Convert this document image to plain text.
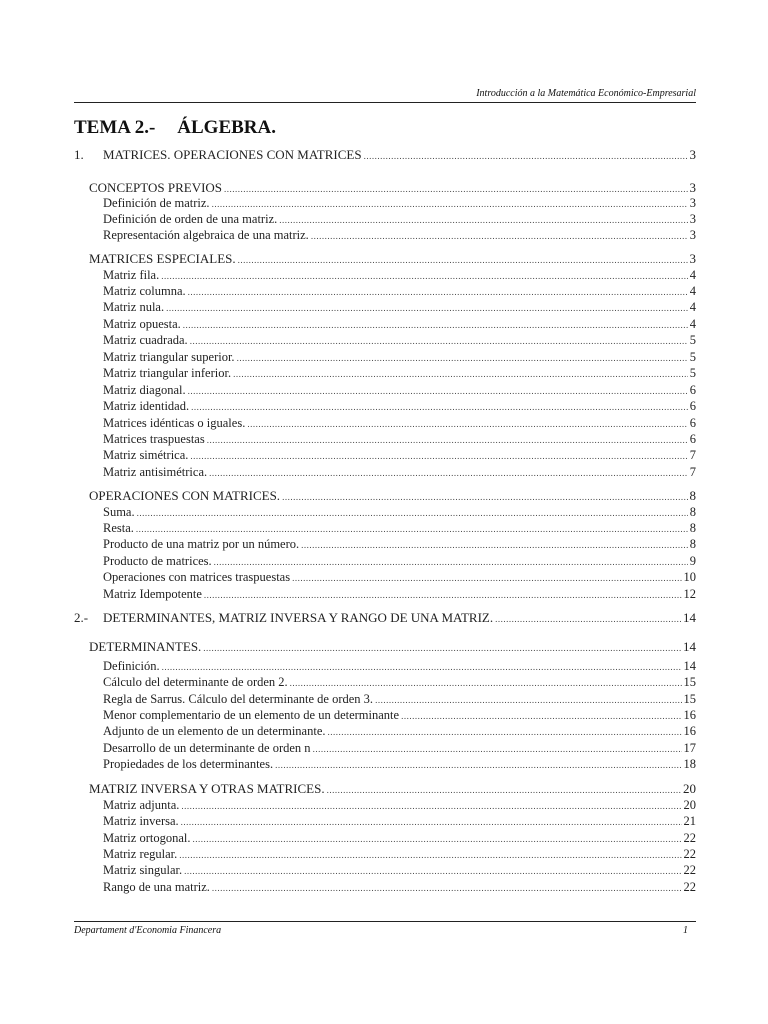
Introducción a la Matemática Económico-Empresarial
TEMA 2.- ÁLGEBRA.
1. MATRICES. OPERACIONES CON MATRICES .....	3
CONCEPTOS PREVIOS .....	3
Definición de matriz. .....	3
Definición de orden de una matriz. .....	3
Representación algebraica de una matriz. .....	3
MATRICES ESPECIALES. .....	3
Matriz fila. .....	4
Matriz columna. .....	4
Matriz nula. .....	4
Matriz opuesta. .....	4
Matriz cuadrada. .....	5
Matriz triangular superior. .....	5
Matriz triangular inferior. .....	5
Matriz diagonal. .....	6
Matriz identidad. .....	6
Matrices idénticas o iguales. .....	6
Matrices traspuestas .....	6
Matriz simétrica. .....	7
Matriz antisimétrica. .....	7
OPERACIONES CON MATRICES. .....	8
Suma. .....	8
Resta. .....	8
Producto de una matriz por un número. .....	8
Producto de matrices. .....	9
Operaciones con matrices traspuestas .....	10
Matriz Idempotente .....	12
2.- DETERMINANTES, MATRIZ INVERSA Y RANGO DE UNA MATRIZ. .....	14
DETERMINANTES. .....	14
Definición. .....	14
Cálculo del determinante de orden 2. .....	15
Regla de Sarrus. Cálculo del determinante de orden 3. .....	15
Menor complementario de un elemento de un determinante .....	16
Adjunto de un elemento de un determinante. .....	16
Desarrollo de un determinante de orden n .....	17
Propiedades de los determinantes. .....	18
MATRIZ INVERSA Y OTRAS MATRICES. .....	20
Matriz adjunta. .....	20
Matriz inversa. .....	21
Matriz ortogonal. .....	22
Matriz regular. .....	22
Matriz singular. .....	22
Rango de una matriz. .....	22
Departament d'Economia Financera	1
